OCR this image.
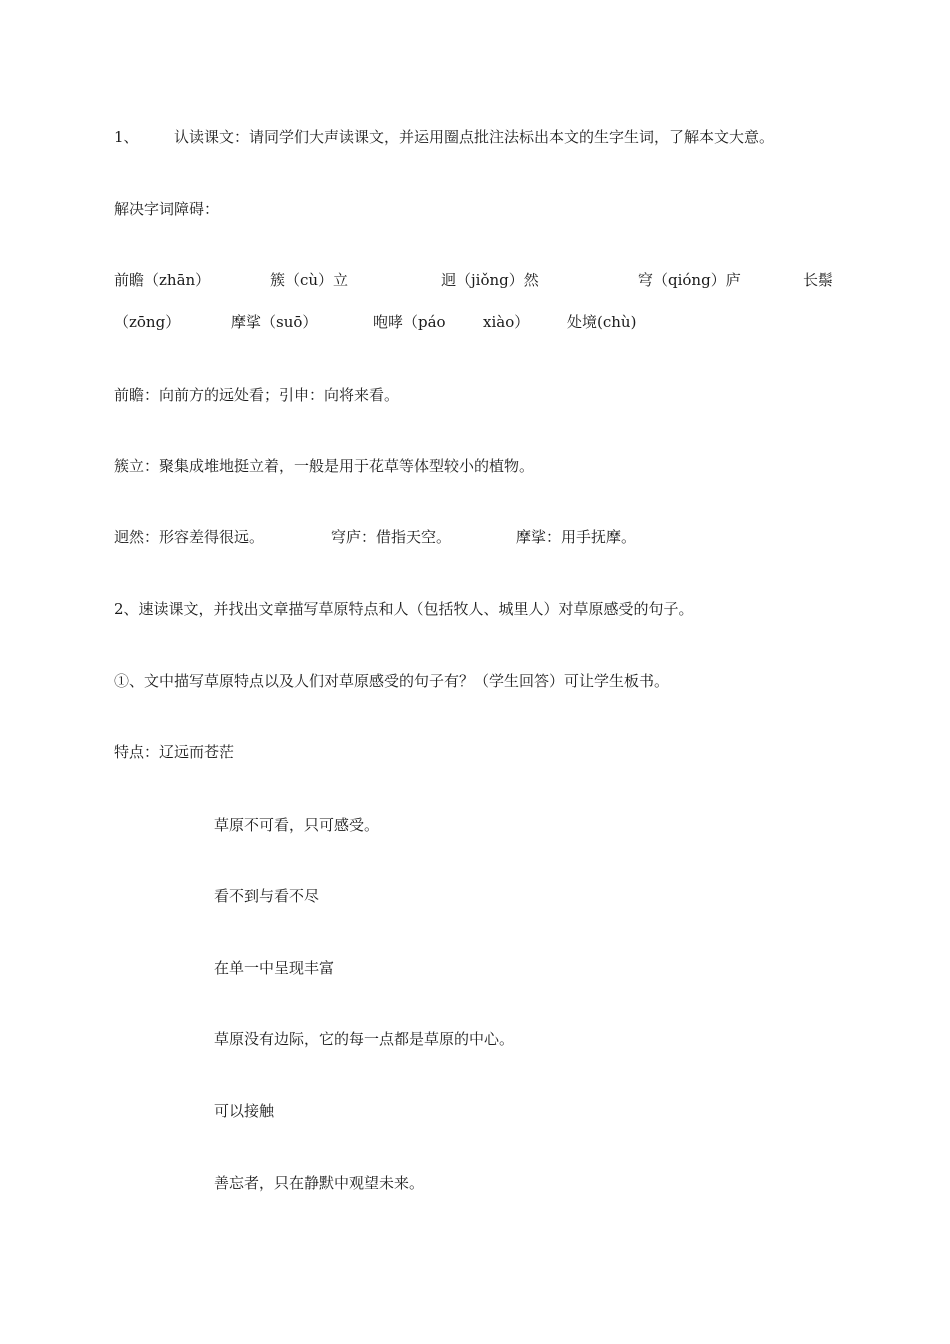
1、 认读课文：请同学们大声读课文，并运用圈点批注法标出本文的生字生词，了解本文大意。
解决字词障碍：
前瞻（zhān）	簇（cù）立	迥（jiǒng）然	穹（qióng）庐	长鬃
（zōng）	摩挲（suō）	咆哮（páo xiào）	处境(chù)
前瞻：向前方的远处看；引申：向将来看。
簇立：聚集成堆地挺立着，一般是用于花草等体型较小的植物。
迥然：形容差得很远。	穹庐：借指天空。	摩挲：用手抚摩。
2、速读课文，并找出文章描写草原特点和人（包括牧人、城里人）对草原感受的句子。
①、文中描写草原特点以及人们对草原感受的句子有？（学生回答）可让学生板书。
特点：辽远而苍茫
草原不可看，只可感受。
看不到与看不尽
在单一中呈现丰富
草原没有边际，它的每一点都是草原的中心。
可以接触
善忘者，只在静默中观望未来。
